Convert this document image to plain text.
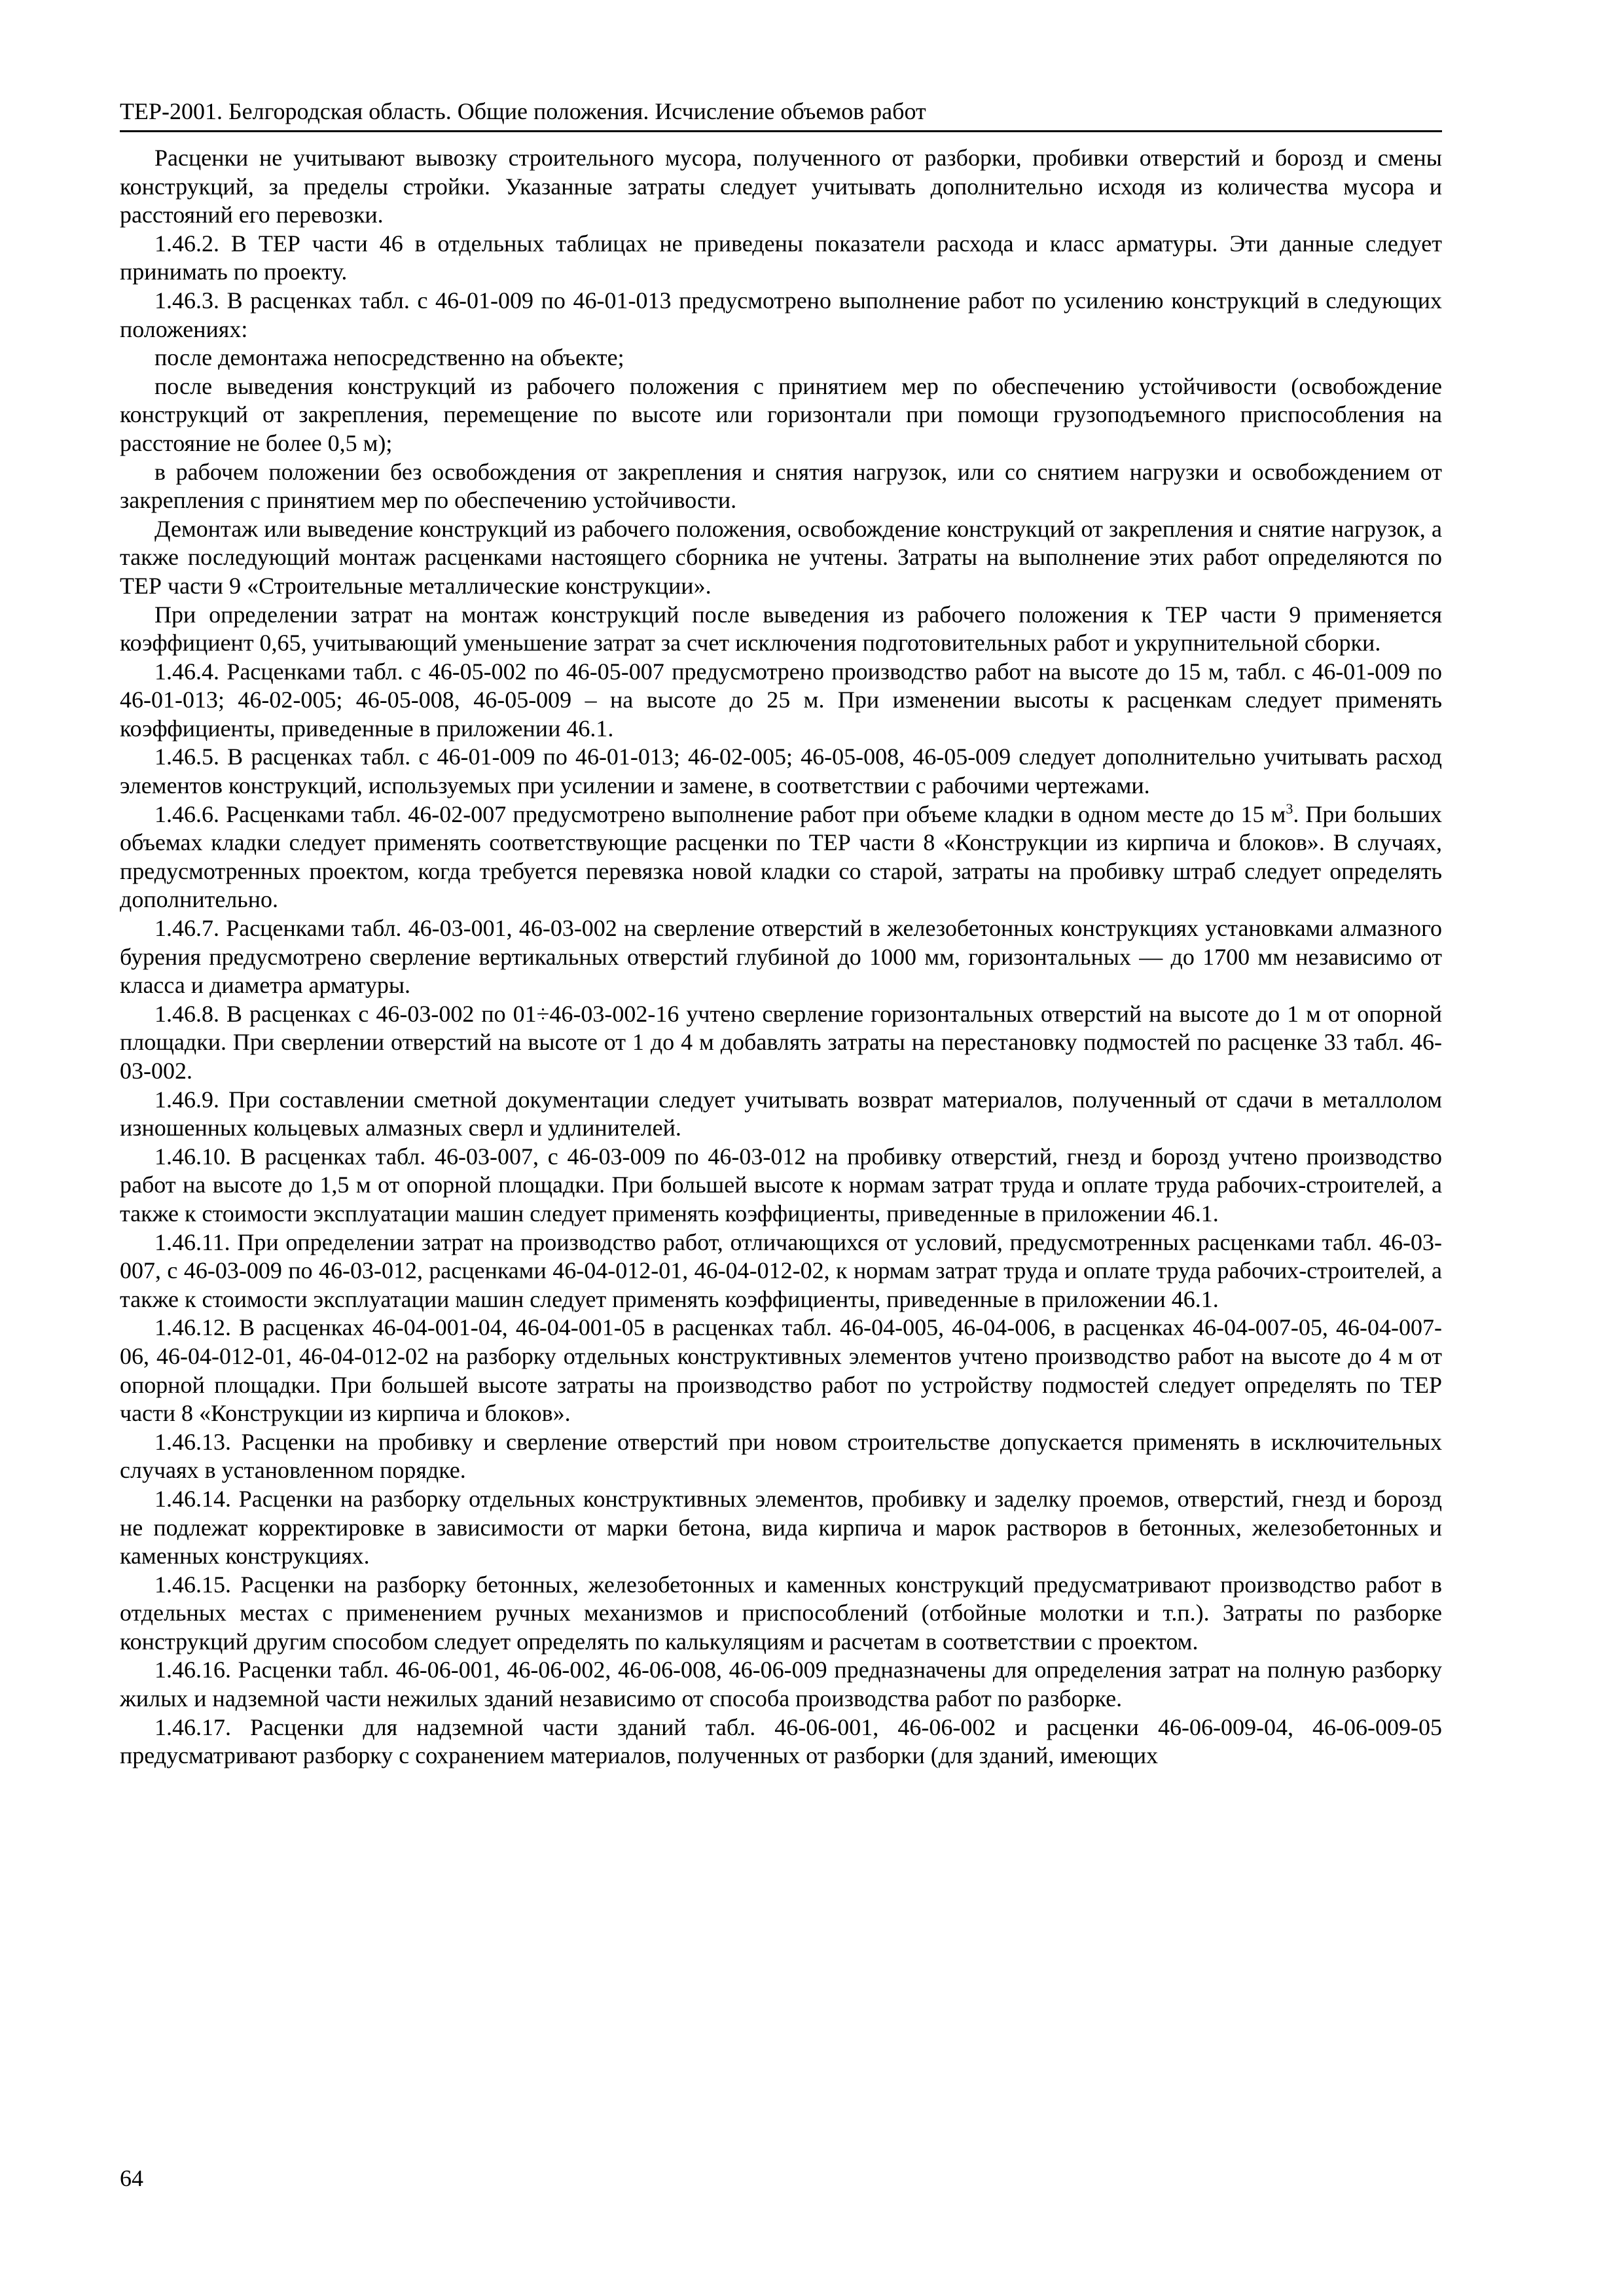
ТЕР-2001. Белгородская область. Общие положения. Исчисление объемов работ

Расценки не учитывают вывозку строительного мусора, полученного от разборки, пробивки отверстий и борозд и смены конструкций, за пределы стройки. Указанные затраты следует учитывать дополнительно исходя из количества мусора и расстояний его перевозки.

1.46.2. В ТЕР части 46 в отдельных таблицах не приведены показатели расхода и класс арматуры. Эти данные следует принимать по проекту.

1.46.3. В расценках табл. с 46-01-009 по 46-01-013 предусмотрено выполнение работ по усилению конструкций в следующих положениях:

после демонтажа непосредственно на объекте;

после выведения конструкций из рабочего положения с принятием мер по обеспечению устойчивости (освобождение конструкций от закрепления, перемещение по высоте или горизонтали при помощи грузоподъемного приспособления на расстояние не более 0,5 м);

в рабочем положении без освобождения от закрепления и снятия нагрузок, или со снятием нагрузки и освобождением от закрепления с принятием мер по обеспечению устойчивости.

Демонтаж или выведение конструкций из рабочего положения, освобождение конструкций от закрепления и снятие нагрузок, а также последующий монтаж расценками настоящего сборника не учтены. Затраты на выполнение этих работ определяются по ТЕР части 9 «Строительные металлические конструкции».

При определении затрат на монтаж конструкций после выведения из рабочего положения к ТЕР части 9 применяется коэффициент 0,65, учитывающий уменьшение затрат за счет исключения подготовительных работ и укрупнительной сборки.

1.46.4. Расценками табл. с 46-05-002 по 46-05-007 предусмотрено производство работ на высоте до 15 м, табл. с 46-01-009 по 46-01-013; 46-02-005; 46-05-008, 46-05-009 – на высоте до 25 м. При изменении высоты к расценкам следует применять коэффициенты, приведенные в приложении 46.1.

1.46.5. В расценках табл. с 46-01-009 по 46-01-013; 46-02-005; 46-05-008, 46-05-009 следует дополнительно учитывать расход элементов конструкций, используемых при усилении и замене, в соответствии с рабочими чертежами.

1.46.6. Расценками табл. 46-02-007 предусмотрено выполнение работ при объеме кладки в одном месте до 15 $м^3$. При больших объемах кладки следует применять соответствующие расценки по ТЕР части 8 «Конструкции из кирпича и блоков». В случаях, предусмотренных проектом, когда требуется перевязка новой кладки со старой, затраты на пробивку штраб следует определять дополнительно.

1.46.7. Расценками табл. 46-03-001, 46-03-002 на сверление отверстий в железобетонных конструкциях установками алмазного бурения предусмотрено сверление вертикальных отверстий глубиной до 1000 мм, горизонтальных — до 1700 мм независимо от класса и диаметра арматуры.

1.46.8. В расценках с 46-03-002 по 01÷46-03-002-16 учтено сверление горизонтальных отверстий на высоте до 1 м от опорной площадки. При сверлении отверстий на высоте от 1 до 4 м добавлять затраты на перестановку подмостей по расценке 33 табл. 46-03-002.

1.46.9. При составлении сметной документации следует учитывать возврат материалов, полученный от сдачи в металлолом изношенных кольцевых алмазных сверл и удлинителей.

1.46.10. В расценках табл. 46-03-007, с 46-03-009 по 46-03-012 на пробивку отверстий, гнезд и борозд учтено производство работ на высоте до 1,5 м от опорной площадки. При большей высоте к нормам затрат труда и оплате труда рабочих-строителей, а также к стоимости эксплуатации машин следует применять коэффициенты, приведенные в приложении 46.1.

1.46.11. При определении затрат на производство работ, отличающихся от условий, предусмотренных расценками табл. 46-03-007, с 46-03-009 по 46-03-012, расценками 46-04-012-01, 46-04-012-02, к нормам затрат труда и оплате труда рабочих-строителей, а также к стоимости эксплуатации машин следует применять коэффициенты, приведенные в приложении 46.1.

1.46.12. В расценках 46-04-001-04, 46-04-001-05 в расценках табл. 46-04-005, 46-04-006, в расценках 46-04-007-05, 46-04-007-06, 46-04-012-01, 46-04-012-02 на разборку отдельных конструктивных элементов учтено производство работ на высоте до 4 м от опорной площадки. При большей высоте затраты на производство работ по устройству подмостей следует определять по ТЕР части 8 «Конструкции из кирпича и блоков».

1.46.13. Расценки на пробивку и сверление отверстий при новом строительстве допускается применять в исключительных случаях в установленном порядке.

1.46.14. Расценки на разборку отдельных конструктивных элементов, пробивку и заделку проемов, отверстий, гнезд и борозд не подлежат корректировке в зависимости от марки бетона, вида кирпича и марок растворов в бетонных, железобетонных и каменных конструкциях.

1.46.15. Расценки на разборку бетонных, железобетонных и каменных конструкций предусматривают производство работ в отдельных местах с применением ручных механизмов и приспособлений (отбойные молотки и т.п.). Затраты по разборке конструкций другим способом следует определять по калькуляциям и расчетам в соответствии с проектом.

1.46.16. Расценки табл. 46-06-001, 46-06-002, 46-06-008, 46-06-009 предназначены для определения затрат на полную разборку жилых и надземной части нежилых зданий независимо от способа производства работ по разборке.

1.46.17. Расценки для надземной части зданий табл. 46-06-001, 46-06-002 и расценки 46-06-009-04, 46-06-009-05 предусматривают разборку с сохранением материалов, полученных от разборки (для зданий, имеющих

64
